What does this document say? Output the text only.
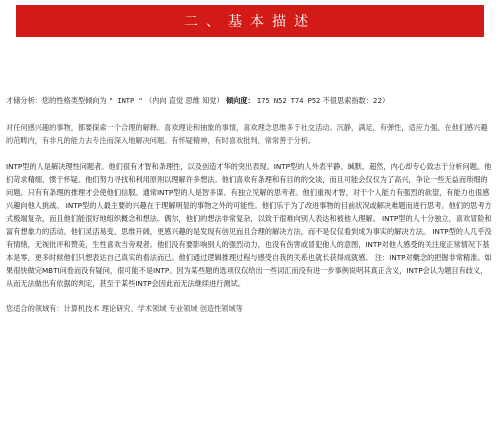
二、基本描述
才储分析：您的性格类型倾向为 " INTP " （内向 直觉 思维 知觉） 倾向度： I75 N52 T74 P52 不很思索指数：22）
对任何感兴趣的事物，都要探索一个合理的解释。喜欢理论和抽象的事情，喜欢理念思维多于社交活动。沉静，满足，有弹性，适应力强。在他们感兴趣的范畴内，有非凡的能力去专注而深入地解决问题。有怀疑精神，有时喜欢批判，常常善于分析。
INTP型的人是解决理性问题者。他们很有才智和条理性，以及创造才华的突出表现。INTP型的人外表平静、缄默、超然，内心却专心致志于分析问题。他们苛求精细、惯于怀疑。他们努力寻找和利用原则以理解许多想法。他们喜欢有条理和有目的的交谈，而且可能会仅仅为了高兴，争论一些无益而琐细的问题。只有有条理的推理才会使他们信服。通常INTP型的人是智多谋、有独立见解的思考者。他们重视才智，对于个人能力有强烈的欲望，有能力也很感兴趣向他人挑战。 INTP型的人最主要的兴趣在于理解明显的事物之外的可能性。他们乐于为了改进事物的目前状况或解决难题而进行思考。他们的思考方式极端复杂，而且他们能很好地组织概念和想法。偶尔，他们的想法非常复杂，以致于很难向别人表达和被他人理解。 INTP型的人十分独立，喜欢冒险和富有想象力的活动。他们灵活易变、思维开阔，更感兴趣的是发现有创见而且合理的解决方法，而不是仅仅看到成为事实的解决方法。 INTP型的人几乎没有情绪，无视批评和赞美，生性喜欢当旁观者。他们没有要影响别人的强烈动力，也没有伤害或冒犯他人的意图，INTP对他人感受的关注度正常情况下基本是零，更多时候他们只想表达自己真实的看法而已。他们通过逻辑推理过程与感受自我的关系也就长获得成就感。 注：INTP对概念的把握非常精准。如果很快做完MBTI问卷而没有疑问，很可能不是INTP。因为某些题的选项仅仅给出一些词汇而没有进一步事例说明其真正含义，INTP会认为题目有歧义，从而无法做出有依据的判定，甚至于某些INTP会因此而无法继续进行测试。
您适合的领域有：计算机技术 理论研究、学术领域 专业领域 创造性领域等
